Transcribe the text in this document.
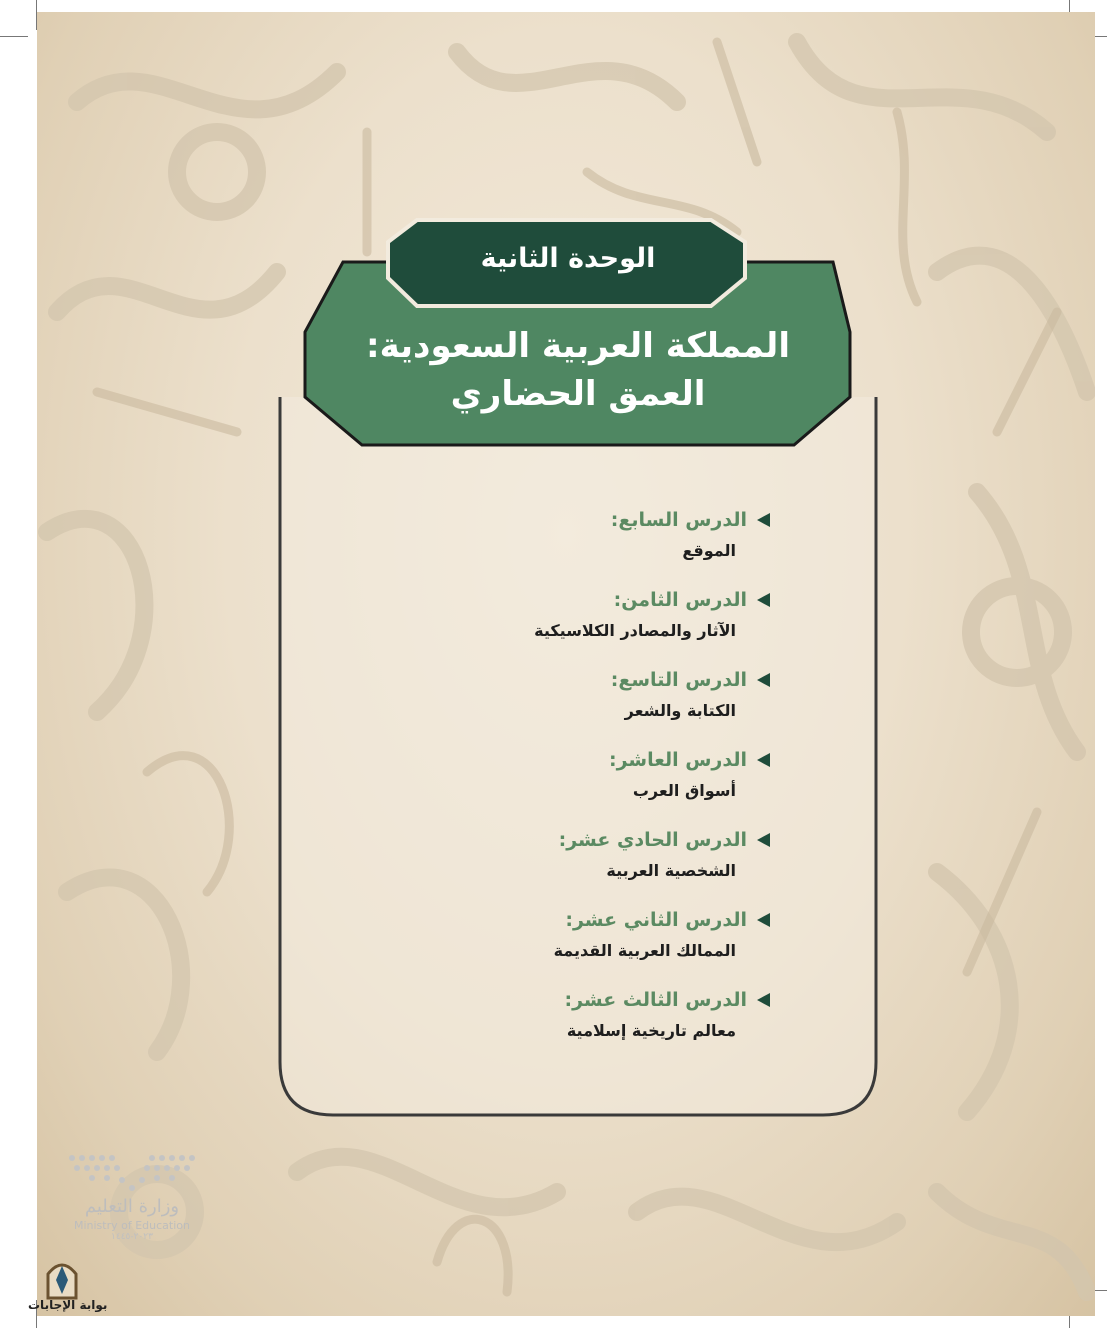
الوحدة الثانية
المملكة العربية السعودية:
العمق الحضاري
الدرس السابع:
الموقع
الدرس الثامن:
الآثار والمصادر الكلاسيكية
الدرس التاسع:
الكتابة والشعر
الدرس العاشر:
أسواق العرب
الدرس الحادي عشر:
الشخصية العربية
الدرس الثاني عشر:
الممالك العربية القديمة
الدرس الثالث عشر:
معالم تاريخية إسلامية
وزارة التعليم
Ministry of Education
٢٠٢٣-١٤٤٥
بوابة الإجابات
